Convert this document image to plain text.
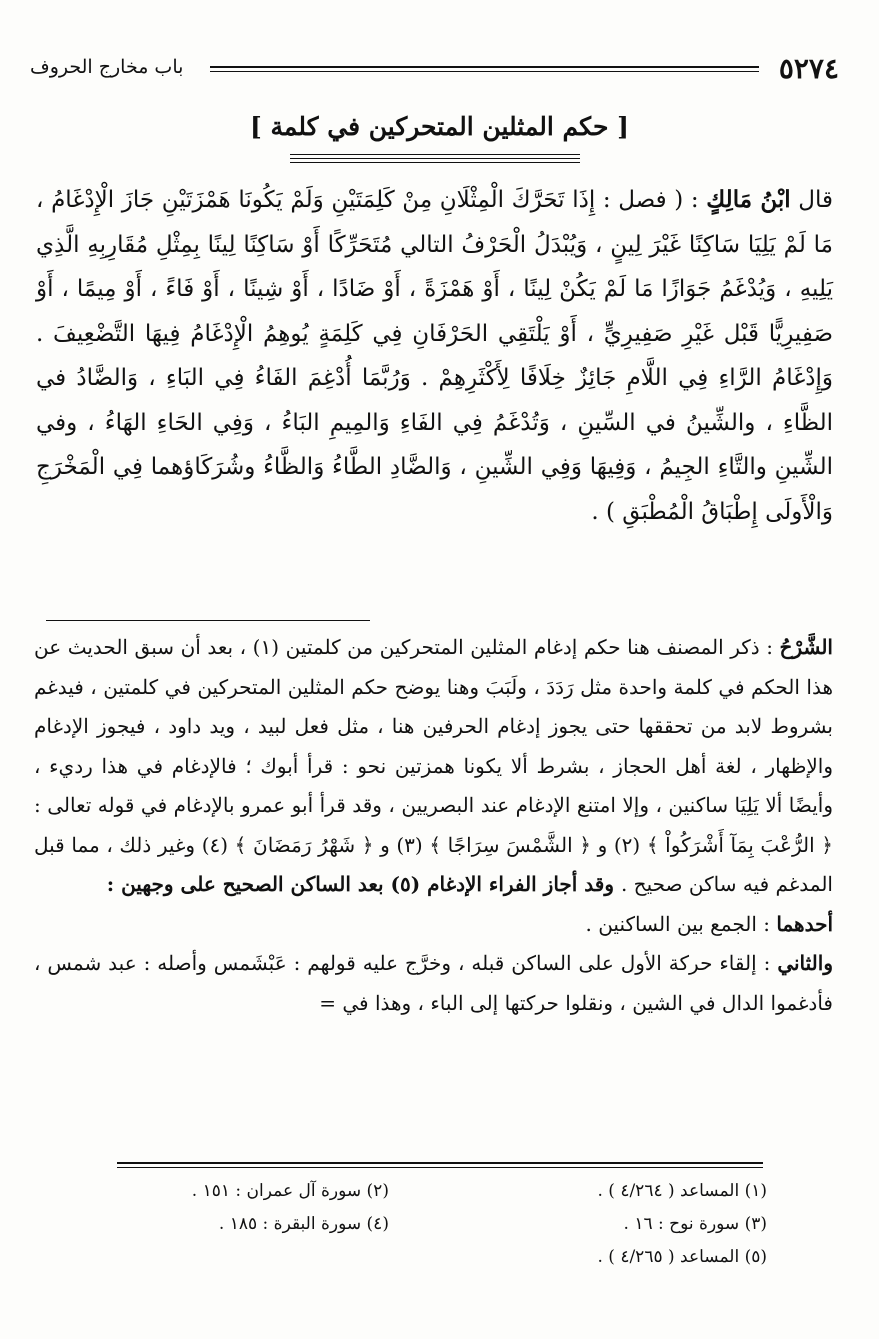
٥٢٧٤
باب مخارج الحروف
[ حكم المثلين المتحركين في كلمة ]

قال ابْنُ مَالِكٍ : ( فصل : إِذَا تَحَرَّكَ الْمِثْلَانِ مِنْ كَلِمَتَيْنِ وَلَمْ يَكُونَا هَمْزَتَيْنِ جَازَ الْإِدْغَامُ ، مَا لَمْ يَلِيَا سَاكِنًا غَيْرَ لِينٍ ، وَيُبْدَلُ الْحَرْفُ التالي مُتَحَرِّكًا أَوْ سَاكِنًا لِينًا بِمِثْلِ مُقَارِبِهِ الَّذِي يَلِيهِ ، وَيُدْغَمُ جَوَازًا مَا لَمْ يَكُنْ لِينًا ، أَوْ هَمْزَةً ، أَوْ ضَادًا ، أَوْ شِينًا ، أَوْ فَاءً ، أَوْ مِيمًا ، أَوْ صَفِيرِيًّا قَبْل غَيْرِ صَفِيرِيٍّ ، أَوْ يَلْتَقِي الحَرْفَانِ فِي كَلِمَةٍ يُوهِمُ الْإِدْغَامُ فِيهَا التَّضْعِيفَ . وَإِدْغَامُ الرَّاءِ فِي اللَّامِ جَائِزٌ خِلَافًا لِأَكْثَرِهِمْ . وَرُبَّمَا أُدْغِمَ الفَاءُ فِي البَاءِ ، وَالضَّادُ في الظَّاءِ ، والشِّينُ في السِّينِ ، وَتُدْغَمُ فِي الفَاءِ وَالمِيمِ البَاءُ ، وَفِي الحَاءِ الهَاءُ ، وفي الشِّينِ والتَّاءِ الجِيمُ ، وَفِيهَا وَفِي الشِّينِ ، وَالضَّادِ الطَّاءُ وَالظَّاءُ وشُرَكَاؤهما فِي الْمَخْرَجِ وَالْأَولَى إِطْبَاقُ الْمُطْبَقِ ) .

الشَّرْحُ : ذكر المصنف هنا حكم إدغام المثلين المتحركين من كلمتين (١) ، بعد أن سبق الحديث عن هذا الحكم في كلمة واحدة مثل رَدَدَ ، ولَبَبَ وهنا يوضح حكم المثلين المتحركين في كلمتين ، فيدغم بشروط لابد من تحققها حتى يجوز إدغام الحرفين هنا ، مثل فعل لبيد ، ويد داود ، فيجوز الإدغام والإظهار ، لغة أهل الحجاز ، بشرط ألا يكونا همزتين نحو : قرأ أبوك ؛ فالإدغام في هذا رديء ، وأيضًا ألا يَلِيَا ساكنين ، وإلا امتنع الإدغام عند البصريين ، وقد قرأ أبو عمرو بالإدغام في قوله تعالى : ﴿ الرُّعْبَ بِمَآ أَشْرَكُواْ ﴾ (٢) و ﴿ الشَّمْسَ سِرَاجًا ﴾ (٣) و ﴿ شَهْرُ رَمَضَانَ ﴾ (٤) وغير ذلك ، مما قبل المدغم فيه ساكن صحيح . وقد أجاز الفراء الإدغام (٥) بعد الساكن الصحيح على وجهين :

أحدهما : الجمع بين الساكنين .

والثاني : إلقاء حركة الأول على الساكن قبله ، وخرَّج عليه قولهم : عَبْشَمس وأصله : عبد شمس ، فأدغموا الدال في الشين ، ونقلوا حركتها إلى الباء ، وهذا في =

(١) المساعد ( ٤/٢٦٤ ) .
(٢) سورة آل عمران : ١٥١ .
(٣) سورة نوح : ١٦ .
(٤) سورة البقرة : ١٨٥ .
(٥) المساعد ( ٤/٢٦٥ ) .
